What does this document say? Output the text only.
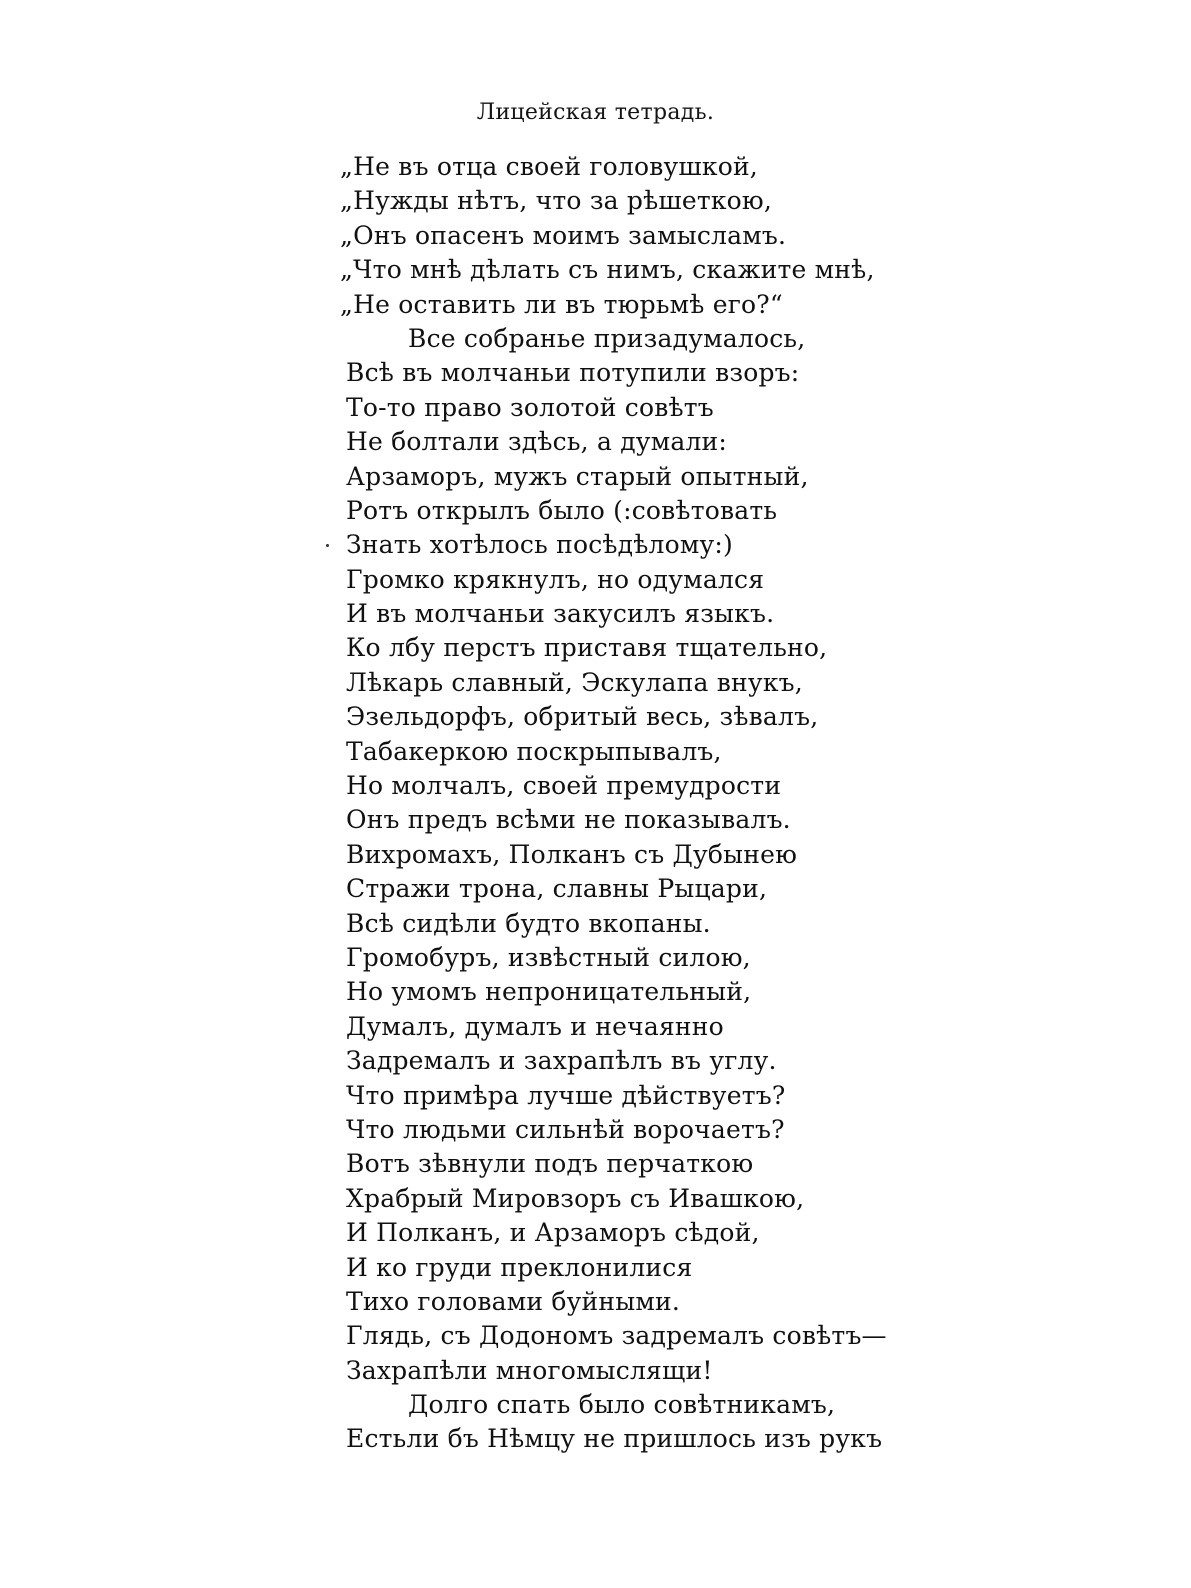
Лицейская тетрадь.
„Не въ отца своей головушкой,
„Нужды нѣтъ, что за рѣшеткою,
„Онъ опасенъ моимъ замысламъ.
„Что мнѣ дѣлать съ нимъ, скажите мнѣ,
„Не оставить ли въ тюрьмѣ его?“
Все собранье призадумалось,
Всѣ въ молчаньи потупили взоръ:
То-то право золотой совѣтъ
Не болтали здѣсь, а думали:
Арзаморъ, мужъ старый опытный,
Ротъ открылъ было (:совѣтовать
Знать хотѣлось посѣдѣлому:)
Громко крякнулъ, но одумался
И въ молчаньи закусилъ языкъ.
Ко лбу перстъ приставя тщательно,
Лѣкарь славный, Эскулапа внукъ,
Эзельдорфъ, обритый весь, зѣвалъ,
Табакеркою поскрыпывалъ,
Но молчалъ, своей премудрости
Онъ предъ всѣми не показывалъ.
Вихромахъ, Полканъ съ Дубынею
Стражи трона, славны Рыцари,
Всѣ сидѣли будто вкопаны.
Громобуръ, извѣстный силою,
Но умомъ непроницательный,
Думалъ, думалъ и нечаянно
Задремалъ и захрапѣлъ въ углу.
Что примѣра лучше дѣйствуетъ?
Что людьми сильнѣй ворочаетъ?
Вотъ зѣвнули подъ перчаткою
Храбрый Мировзоръ съ Ивашкою,
И Полканъ, и Арзаморъ сѣдой,
И ко груди преклонилися
Тихо головами буйными.
Глядь, съ Додономъ задремалъ совѣтъ—
Захрапѣли многомыслящи!
Долго спать было совѣтникамъ,
Естьли бъ Нѣмцу не пришлось изъ рукъ
